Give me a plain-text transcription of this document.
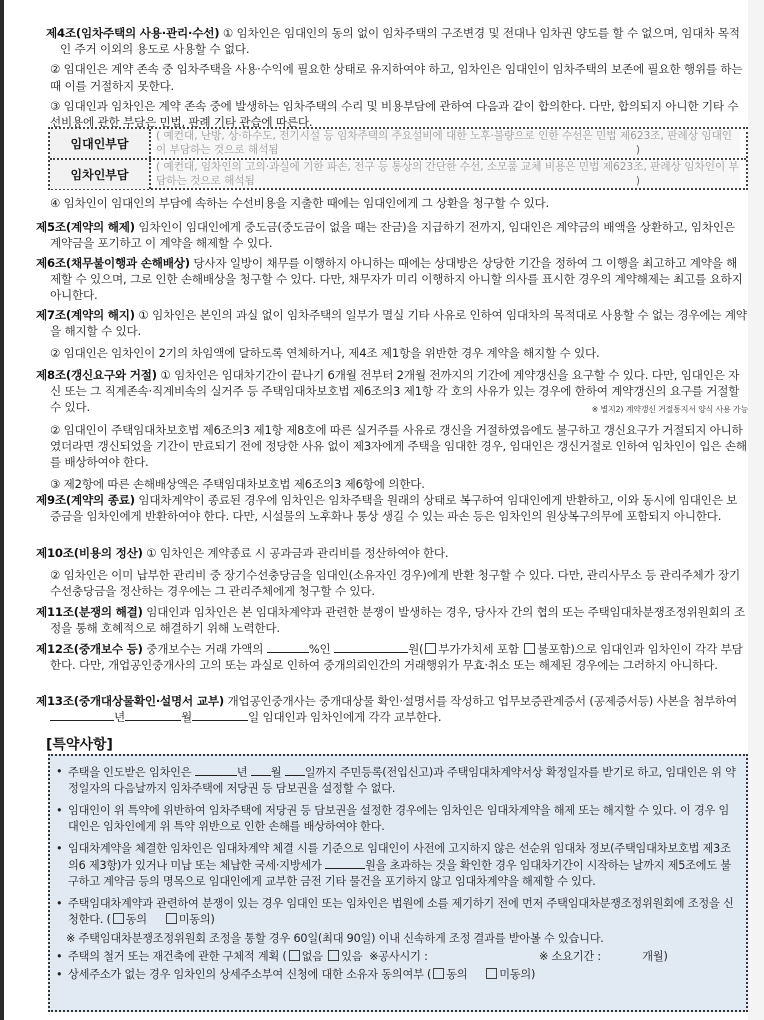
제4조(임차주택의 사용·관리·수선) ① 임차인은 임대인의 동의 없이 임차주택의 구조변경 및 전대나 임차권 양도를 할 수 없으며, 임대차 목적인 주거 이외의 용도로 사용할 수 없다.

② 임대인은 계약 존속 중 임차주택을 사용·수익에 필요한 상태로 유지하여야 하고, 임차인은 임대인이 임차주택의 보존에 필요한 행위를 하는 때 이를 거절하지 못한다.

③ 임대인과 임차인은 계약 존속 중에 발생하는 임차주택의 수리 및 비용부담에 관하여 다음과 같이 합의한다. 다만, 합의되지 아니한 기타 수선비용에 관한 부담은 민법, 판례 기타 관습에 따른다.

임대인부담
( 예컨대, 난방, 상·하수도, 전기시설 등 임차주택의 주요설비에 대한 노후·불량으로 인한 수선은 민법 제623조, 판례상 임대인이 부담하는 것으로 해석됨	)
임차인부담
( 예컨대, 임차인의 고의·과실에 기한 파손, 전구 등 통상의 간단한 수선, 소모품 교체 비용은 민법 제623조, 판례상 임차인이 부담하는 것으로 해석됨	)

④ 임차인이 임대인의 부담에 속하는 수선비용을 지출한 때에는 임대인에게 그 상환을 청구할 수 있다.

제5조(계약의 해제) 임차인이 임대인에게 중도금(중도금이 없을 때는 잔금)을 지급하기 전까지, 임대인은 계약금의 배액을 상환하고, 임차인은 계약금을 포기하고 이 계약을 해제할 수 있다.

제6조(채무불이행과 손해배상) 당사자 일방이 채무를 이행하지 아니하는 때에는 상대방은 상당한 기간을 정하여 그 이행을 최고하고 계약을 해제할 수 있으며, 그로 인한 손해배상을 청구할 수 있다. 다만, 채무자가 미리 이행하지 아니할 의사를 표시한 경우의 계약해제는 최고를 요하지 아니한다.

제7조(계약의 해지) ① 임차인은 본인의 과실 없이 임차주택의 일부가 멸실 기타 사유로 인하여 임대차의 목적대로 사용할 수 없는 경우에는 계약을 해지할 수 있다.

② 임대인은 임차인이 2기의 차임액에 달하도록 연체하거나, 제4조 제1항을 위반한 경우 계약을 해지할 수 있다.

제8조(갱신요구와 거절) ① 임차인은 임대차기간이 끝나기 6개월 전부터 2개월 전까지의 기간에 계약갱신을 요구할 수 있다. 다만, 임대인은 자신 또는 그 직계존속·직계비속의 실거주 등 주택임대차보호법 제6조의3 제1항 각 호의 사유가 있는 경우에 한하여 계약갱신의 요구를 거절할 수 있다.	※ 별지2) 계약갱신 거절통지서 양식 사용 가능

② 임대인이 주택임대차보호법 제6조의3 제1항 제8호에 따른 실거주를 사유로 갱신을 거절하였음에도 불구하고 갱신요구가 거절되지 아니하였더라면 갱신되었을 기간이 만료되기 전에 정당한 사유 없이 제3자에게 주택을 임대한 경우, 임대인은 갱신거절로 인하여 임차인이 입은 손해를 배상하여야 한다.

③ 제2항에 따른 손해배상액은 주택임대차보호법 제6조의3 제6항에 의한다.

제9조(계약의 종료) 임대차계약이 종료된 경우에 임차인은 임차주택을 원래의 상태로 복구하여 임대인에게 반환하고, 이와 동시에 임대인은 보증금을 임차인에게 반환하여야 한다. 다만, 시설물의 노후화나 통상 생길 수 있는 파손 등은 임차인의 원상복구의무에 포함되지 아니한다.

제10조(비용의 정산) ① 임차인은 계약종료 시 공과금과 관리비를 정산하여야 한다.

② 임차인은 이미 납부한 관리비 중 장기수선충당금을 임대인(소유자인 경우)에게 반환 청구할 수 있다. 다만, 관리사무소 등 관리주체가 장기수선충당금을 정산하는 경우에는 그 관리주체에게 청구할 수 있다.

제11조(분쟁의 해결) 임대인과 임차인은 본 임대차계약과 관련한 분쟁이 발생하는 경우, 당사자 간의 협의 또는 주택임대차분쟁조정위원회의 조정을 통해 호혜적으로 해결하기 위해 노력한다.

제12조(중개보수 등) 중개보수는 거래 가액의	%인	원( 부가가치세 포함 불포함)으로 임대인과 임차인이 각각 부담한다. 다만, 개업공인중개사의 고의 또는 과실로 인하여 중개의뢰인간의 거래행위가 무효·취소 또는 해제된 경우에는 그러하지 아니하다.

제13조(중개대상물확인·설명서 교부) 개업공인중개사는 중개대상물 확인·설명서를 작성하고 업무보증관계증서 (공제증서등) 사본을 첨부하여 년	월	일 임대인과 임차인에게 각각 교부한다.

[특약사항]
• 주택을 인도받은 임차인은	년 월 일까지 주민등록(전입신고)과 주택임대차계약서상 확정일자를 받기로 하고, 임대인은 위 약정일자의 다음날까지 임차주택에 저당권 등 담보권을 설정할 수 없다.
• 임대인이 위 특약에 위반하여 임차주택에 저당권 등 담보권을 설정한 경우에는 임차인은 임대차계약을 해제 또는 해지할 수 있다. 이 경우 임대인은 임차인에게 위 특약 위반으로 인한 손해를 배상하여야 한다.
• 임대차계약을 체결한 임차인은 임대차계약 체결 시를 기준으로 임대인이 사전에 고지하지 않은 선순위 임대차 정보(주택임대차보호법 제3조의6 제3항)가 있거나 미납 또는 체납한 국세·지방세가	원을 초과하는 것을 확인한 경우 임대차기간이 시작하는 날까지 제5조에도 불구하고 계약금 등의 명목으로 임대인에게 교부한 금전 기타 물건을 포기하지 않고 임대차계약을 해제할 수 있다.
• 주택임대차계약과 관련하여 분쟁이 있는 경우 임대인 또는 임차인은 법원에 소를 제기하기 전에 먼저 주택임대차분쟁조정위원회에 조정을 신청한다. ( 동의	미동의)
※ 주택임대차분쟁조정위원회 조정을 통할 경우 60일(최대 90일) 이내 신속하게 조정 결과를 받아볼 수 있습니다.
• 주택의 철거 또는 재건축에 관한 구체적 계획 ( 없음 있음 ※공사시기 :	※ 소요기간 :	개월)
• 상세주소가 없는 경우 임차인의 상세주소부여 신청에 대한 소유자 동의여부 ( 동의	미동의)
